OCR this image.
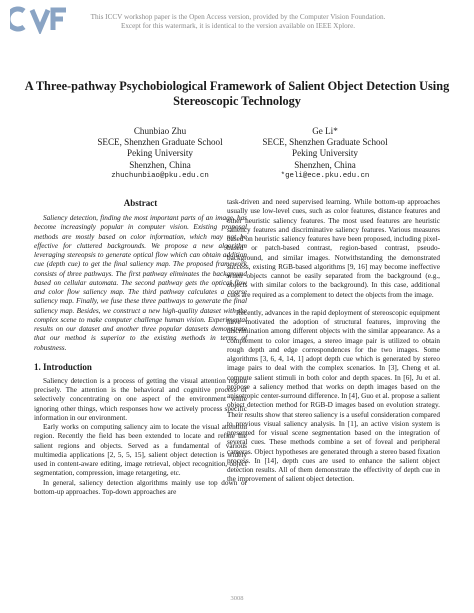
This ICCV workshop paper is the Open Access version, provided by the Computer Vision Foundation.
Except for this watermark, it is identical to the version available on IEEE Xplore.
A Three-pathway Psychobiological Framework of Salient Object Detection Using Stereoscopic Technology
Chunbiao Zhu
SECE, Shenzhen Graduate School
Peking University
Shenzhen, China
zhuchunbiao@pku.edu.cn
Ge Li*
SECE, Shenzhen Graduate School
Peking University
Shenzhen, China
*geli@ece.pku.edu.cn
Abstract

Saliency detection, finding the most important parts of an image, has become increasingly popular in computer vision. Existing proposal methods are mostly based on color information, which may not be effective for cluttered backgrounds. We propose a new algorithm leveraging stereopsis to generate optical flow which can obtain addition cue (depth cue) to get the final saliency map. The proposed framework consists of three pathways. The first pathway eliminates the background based on cellular automata. The second pathway gets the optical flow and color flow saliency map. The third pathway calculates a coarse saliency map. Finally, we fuse these three pathways to generate the final saliency map. Besides, we construct a new high-quality dataset with the complex scene to make computer challenge human vision. Experimental results on our dataset and another three popular datasets demonstrate that our method is superior to the existing methods in terms of robustness.

1. Introduction

Saliency detection is a process of getting the visual attention region precisely. The attention is the behavioral and cognitive process of selectively concentrating on one aspect of the environment while ignoring other things, which responses how we actively process specific information in our environment.

Early works on computing saliency aim to locate the visual attention region. Recently the field has been extended to locate and refine the salient regions and objects. Served as a fundamental of various multimedia applications [2, 5, 5, 15], salient object detection is widely used in content-aware editing, image retrieval, object recognition, object segmentation, compression, image retargeting, etc.

In general, saliency detection algorithms mainly use top down or bottom-up approaches. Top-down approaches are

task-driven and need supervised learning. While bottom-up approaches usually use low-level cues, such as color features, distance features and other heuristic saliency features. The most used features are heuristic saliency features and discriminative saliency features. Various measures based on heuristic saliency features have been proposed, including pixel-based or patch-based contrast, region-based contrast, pseudo-background, and similar images. Notwithstanding the demonstrated success, existing RGB-based algorithms [9, 16] may become ineffective when objects cannot be easily separated from the background (e.g., objects with similar colors to the background). In this case, additional cues are required as a complement to detect the objects from the image.

Recently, advances in the rapid deployment of stereoscopic equipment have motivated the adoption of structural features, improving the discrimination among different objects with the similar appearance. As a complement to color images, a stereo image pair is utilized to obtain rough depth and edge correspondences for the two images. Some algorithms [3, 6, 4, 14, 1] adopt depth cue which is generated by stereo image pairs to deal with the complex scenarios. In [3], Cheng et al. compute salient stimuli in both color and depth spaces. In [6], Ju et al. propose a saliency method that works on depth images based on the anisotropic center-surround difference. In [4], Guo et al. propose a salient object detection method for RGB-D images based on evolution strategy. Their results show that stereo saliency is a useful consideration compared to previous visual saliency analysis. In [1], an active vision system is presented for visual scene segmentation based on the integration of several cues. These methods combine a set of foveal and peripheral cameras. Object hypotheses are generated through a stereo based fixation process. In [14], depth cues are used to enhance the salient object detection results. All of them demonstrate the effectivity of depth cue in the improvement of salient object detection.

3008
